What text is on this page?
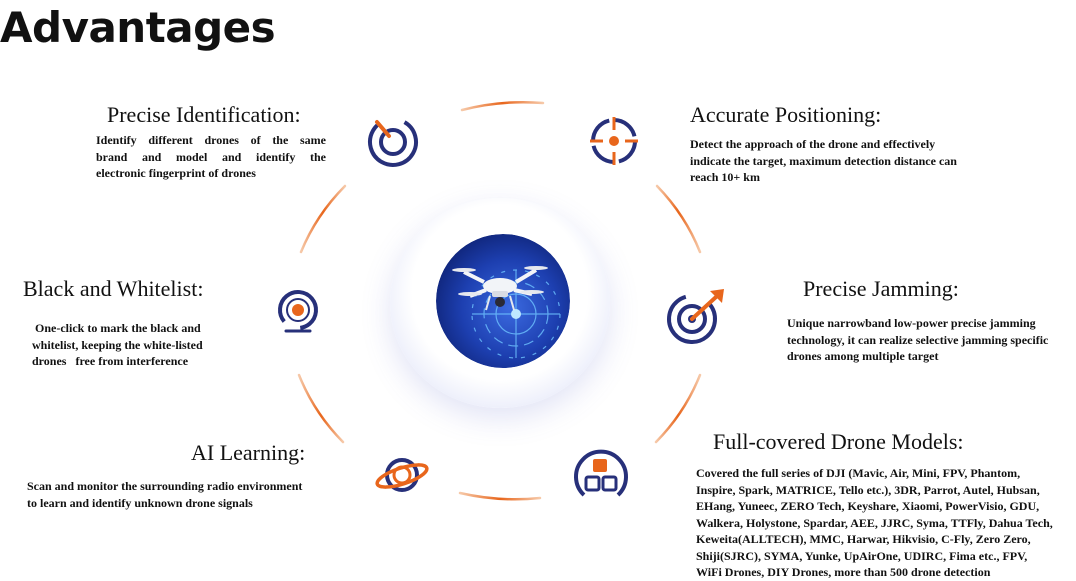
Advantages
Precise Identification:
Identify different drones of the same
brand and model and identify the
electronic fingerprint of drones
Accurate Positioning:
Detect the approach of the drone and effectively
indicate the target, maximum detection distance can
reach 10+ km
Black and Whitelist:
One-click to mark the black and
whitelist, keeping the white-listed
drones   free from interference
Precise Jamming:
Unique narrowband low-power precise jamming
technology, it can realize selective jamming specific
drones among multiple target
AI Learning:
Scan and monitor the surrounding radio environment
to learn and identify unknown drone signals
Full-covered Drone Models:
Covered the full series of DJI (Mavic, Air, Mini, FPV, Phantom,
Inspire, Spark, MATRICE, Tello etc.), 3DR, Parrot, Autel, Hubsan,
EHang, Yuneec, ZERO Tech, Keyshare, Xiaomi, PowerVisio, GDU,
Walkera, Holystone, Spardar, AEE, JJRC, Syma, TTFly, Dahua Tech,
Keweita(ALLTECH), MMC, Harwar, Hikvisio, C-Fly, Zero Zero,
Shiji(SJRC), SYMA, Yunke, UpAirOne, UDIRC, Fima etc., FPV,
WiFi Drones, DIY Drones, more than 500 drone detection
